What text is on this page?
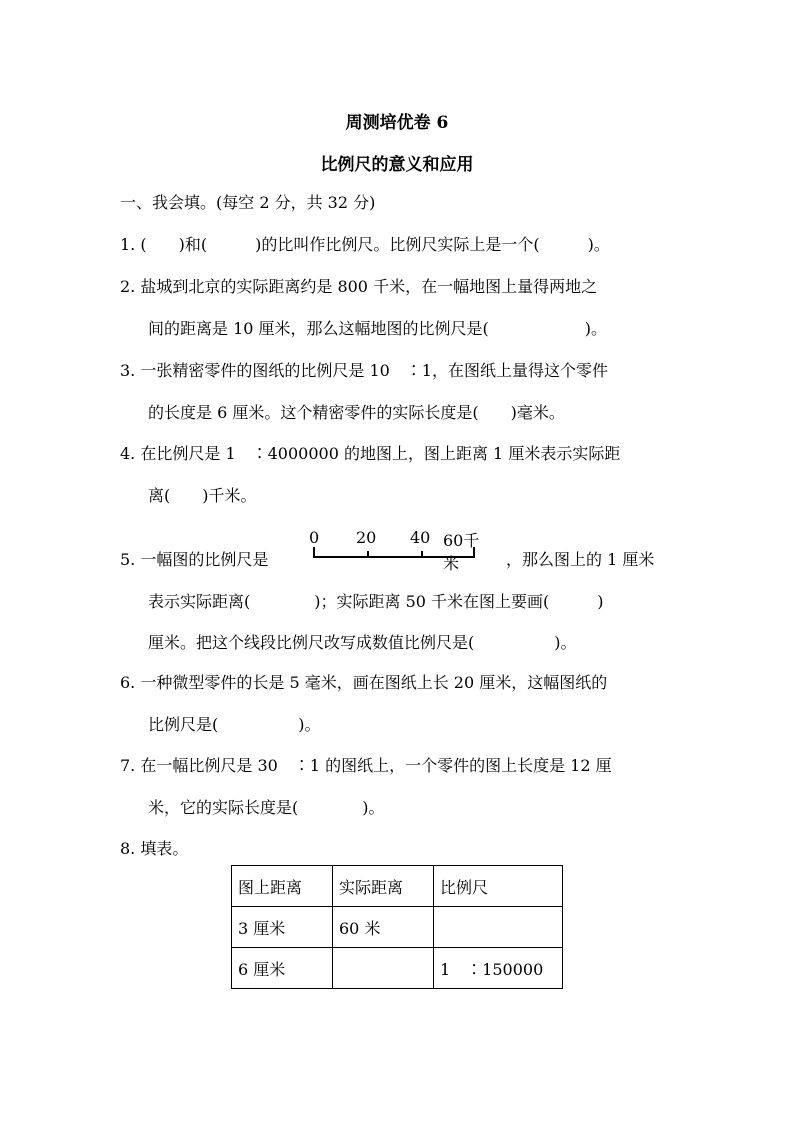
周测培优卷 6
比例尺的意义和应用
一、我会填。(每空 2 分，共 32 分)
1. (　　)和(　　　)的比叫作比例尺。比例尺实际上是一个(　　　)。
2. 盐城到北京的实际距离约是 800 千米，在一幅地图上量得两地之
间的距离是 10 厘米，那么这幅地图的比例尺是(　　　　　　)。
3. 一张精密零件的图纸的比例尺是 10　∶1，在图纸上量得这个零件
的长度是 6 厘米。这个精密零件的实际长度是(　　)毫米。
4. 在比例尺是 1　∶4000000 的地图上，图上距离 1 厘米表示实际距
离(　　)千米。
5. 一幅图的比例尺是
0 20 40 60千米	，那么图上的 1 厘米
表示实际距离(　　　　)；实际距离 50 千米在图上要画(　　　)
厘米。把这个线段比例尺改写成数值比例尺是(　　　　　)。
6. 一种微型零件的长是 5 毫米，画在图纸上长 20 厘米，这幅图纸的
比例尺是(　　　　　)。
7. 在一幅比例尺是 30　∶1 的图纸上，一个零件的图上长度是 12 厘
米，它的实际长度是(　　　　)。
8. 填表。
图上距离	实际距离	比例尺
3 厘米	60 米	
6 厘米		1　∶150000
